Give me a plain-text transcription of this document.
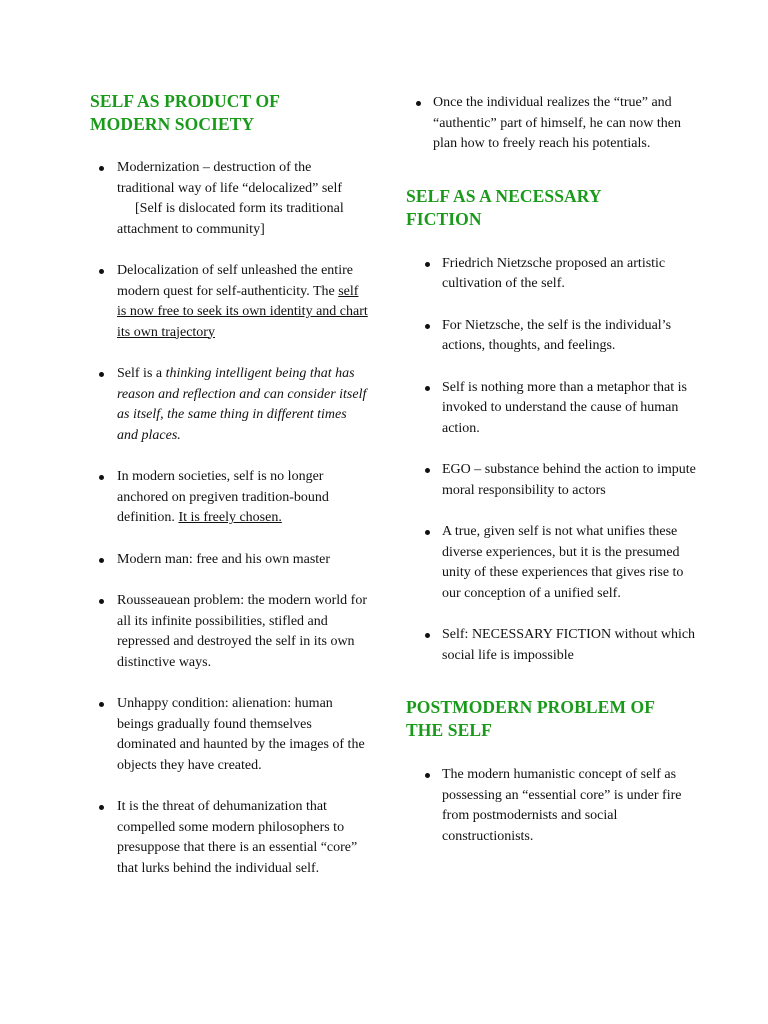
SELF AS PRODUCT OF MODERN SOCIETY
Modernization – destruction of the traditional way of life “delocalized” self
[Self is dislocated form its traditional attachment to community]
Delocalization of self unleashed the entire modern quest for self-authenticity. The self is now free to seek its own identity and chart its own trajectory
Self is a thinking intelligent being that has reason and reflection and can consider itself as itself, the same thing in different times and places.
In modern societies, self is no longer anchored on pregiven tradition-bound definition. It is freely chosen.
Modern man: free and his own master
Rousseauean problem: the modern world for all its infinite possibilities, stifled and repressed and destroyed the self in its own distinctive ways.
Unhappy condition: alienation: human beings gradually found themselves dominated and haunted by the images of the objects they have created.
It is the threat of dehumanization that compelled some modern philosophers to presuppose that there is an essential “core” that lurks behind the individual self.
Once the individual realizes the “true” and “authentic” part of himself, he can now then plan how to freely reach his potentials.
SELF AS A NECESSARY FICTION
Friedrich Nietzsche proposed an artistic cultivation of the self.
For Nietzsche, the self is the individual’s actions, thoughts, and feelings.
Self is nothing more than a metaphor that is invoked to understand the cause of human action.
EGO – substance behind the action to impute moral responsibility to actors
A true, given self is not what unifies these diverse experiences, but it is the presumed unity of these experiences that gives rise to our conception of a unified self.
Self: NECESSARY FICTION without which social life is impossible
POSTMODERN PROBLEM OF THE SELF
The modern humanistic concept of self as possessing an “essential core” is under fire from postmodernists and social constructionists.
